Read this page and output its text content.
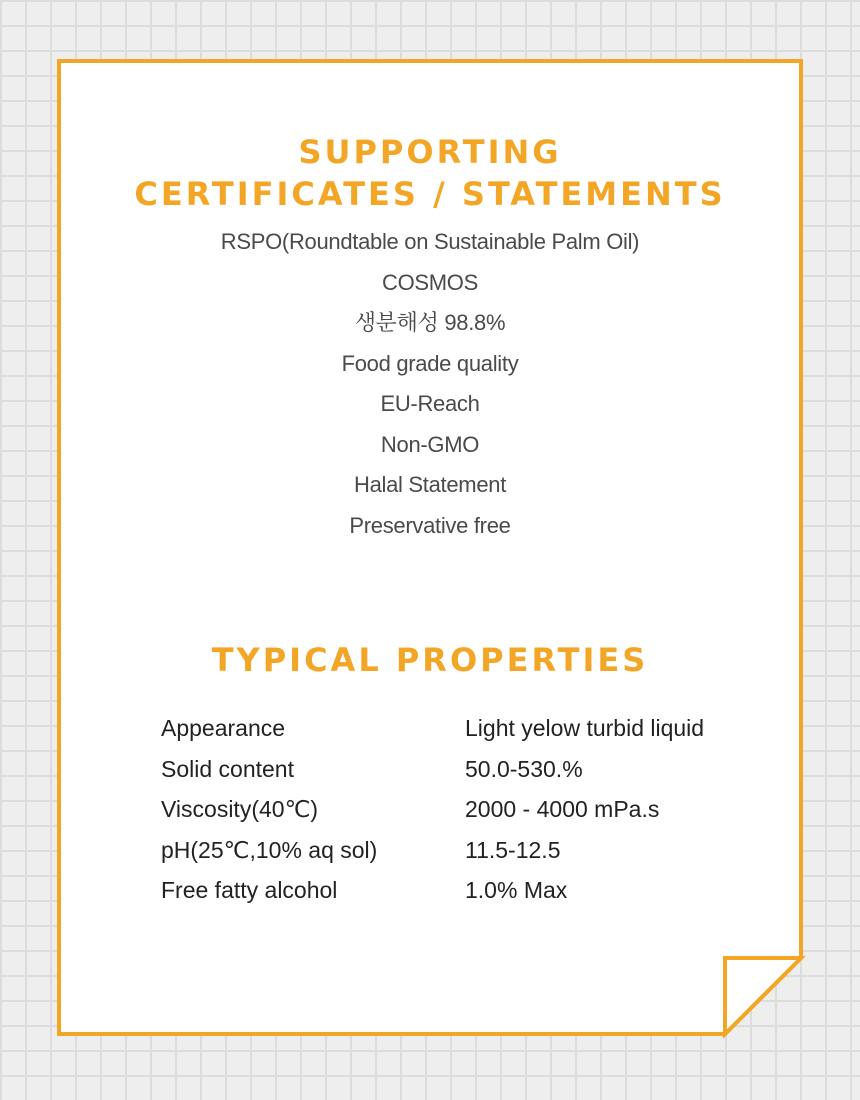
SUPPORTING
CERTIFICATES / STATEMENTS
RSPO(Roundtable on Sustainable Palm Oil)
COSMOS
생분해성 98.8%
Food grade quality
EU-Reach
Non-GMO
Halal Statement
Preservative free
TYPICAL PROPERTIES
Appearance	Light yelow turbid liquid
Solid content	50.0-530.%
Viscosity(40℃)	2000 - 4000 mPa.s
pH(25℃,10% aq sol)	11.5-12.5
Free fatty alcohol	1.0% Max
